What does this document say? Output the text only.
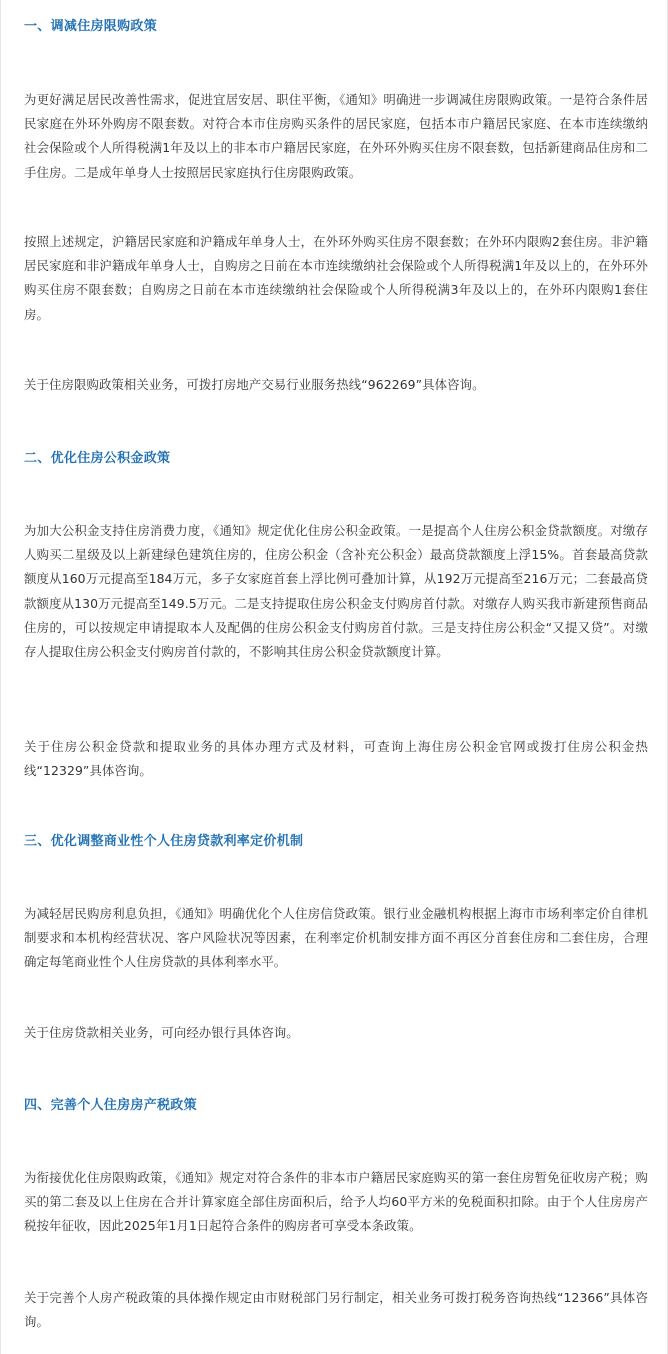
一、调减住房限购政策

为更好满足居民改善性需求，促进宜居安居、职住平衡，《通知》明确进一步调减住房限购政策。一是符合条件居民家庭在外环外购房不限套数。对符合本市住房购买条件的居民家庭，包括本市户籍居民家庭、在本市连续缴纳社会保险或个人所得税满1年及以上的非本市户籍居民家庭，在外环外购买住房不限套数，包括新建商品住房和二手住房。二是成年单身人士按照居民家庭执行住房限购政策。

按照上述规定，沪籍居民家庭和沪籍成年单身人士，在外环外购买住房不限套数；在外环内限购2套住房。非沪籍居民家庭和非沪籍成年单身人士，自购房之日前在本市连续缴纳社会保险或个人所得税满1年及以上的，在外环外购买住房不限套数；自购房之日前在本市连续缴纳社会保险或个人所得税满3年及以上的，在外环内限购1套住房。

关于住房限购政策相关业务，可拨打房地产交易行业服务热线“962269”具体咨询。

二、优化住房公积金政策

为加大公积金支持住房消费力度，《通知》规定优化住房公积金政策。一是提高个人住房公积金贷款额度。对缴存人购买二星级及以上新建绿色建筑住房的，住房公积金（含补充公积金）最高贷款额度上浮15%。首套最高贷款额度从160万元提高至184万元，多子女家庭首套上浮比例可叠加计算，从192万元提高至216万元；二套最高贷款额度从130万元提高至149.5万元。二是支持提取住房公积金支付购房首付款。对缴存人购买我市新建预售商品住房的，可以按规定申请提取本人及配偶的住房公积金支付购房首付款。三是支持住房公积金“又提又贷”。对缴存人提取住房公积金支付购房首付款的，不影响其住房公积金贷款额度计算。

关于住房公积金贷款和提取业务的具体办理方式及材料，可查询上海住房公积金官网或拨打住房公积金热线“12329”具体咨询。

三、优化调整商业性个人住房贷款利率定价机制

为减轻居民购房利息负担，《通知》明确优化个人住房信贷政策。银行业金融机构根据上海市市场利率定价自律机制要求和本机构经营状况、客户风险状况等因素，在利率定价机制安排方面不再区分首套住房和二套住房，合理确定每笔商业性个人住房贷款的具体利率水平。

关于住房贷款相关业务，可向经办银行具体咨询。

四、完善个人住房房产税政策

为衔接优化住房限购政策，《通知》规定对符合条件的非本市户籍居民家庭购买的第一套住房暂免征收房产税；购买的第二套及以上住房在合并计算家庭全部住房面积后，给予人均60平方米的免税面积扣除。由于个人住房房产税按年征收，因此2025年1月1日起符合条件的购房者可享受本条政策。

关于完善个人房产税政策的具体操作规定由市财税部门另行制定，相关业务可拨打税务咨询热线“12366”具体咨询。
